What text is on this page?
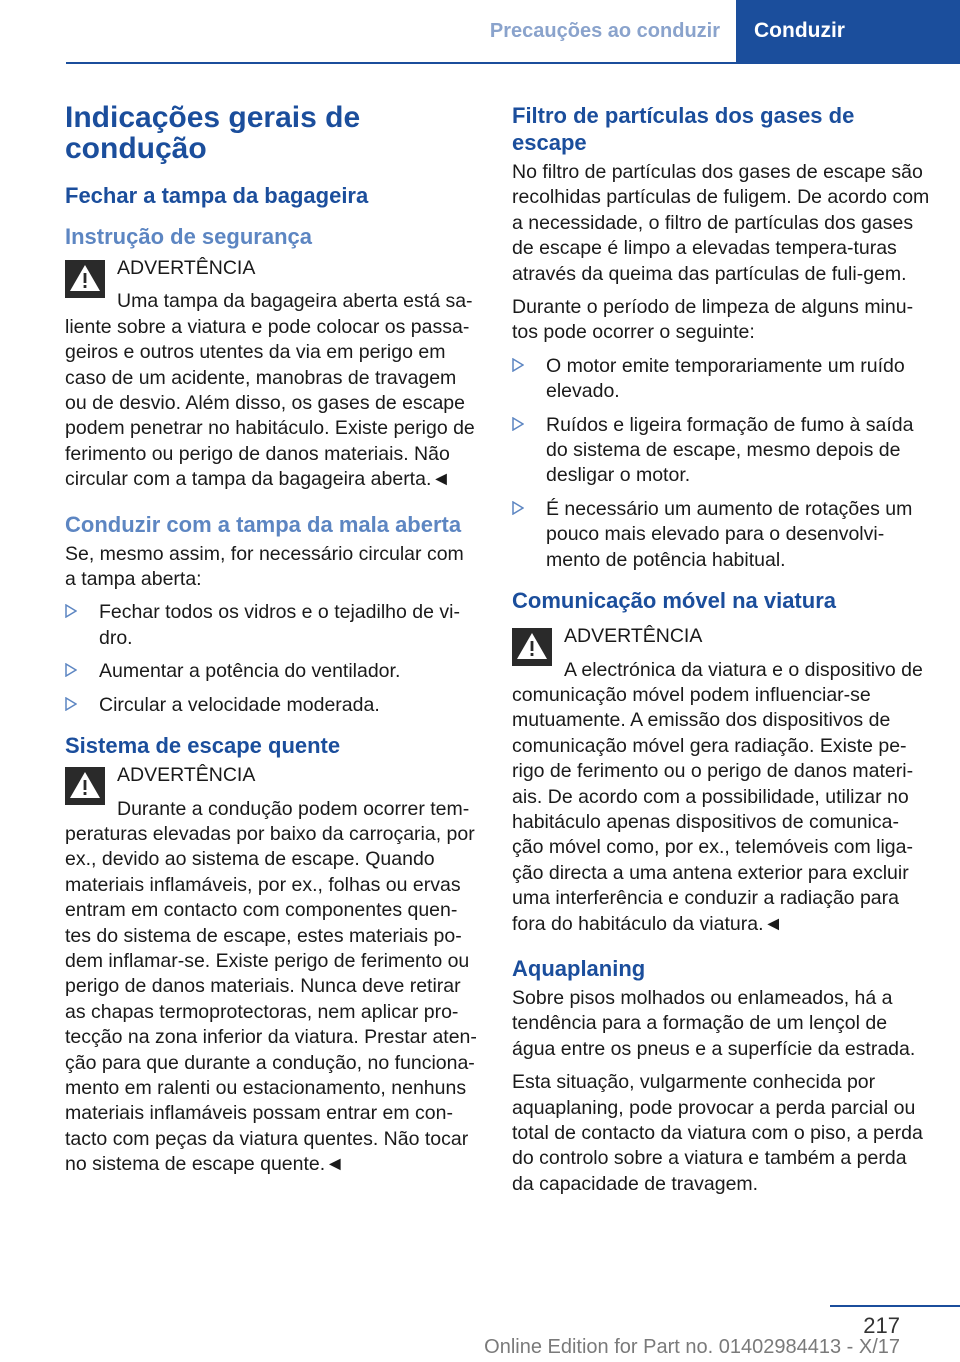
Precauções ao conduzir	Conduzir
Indicações gerais de condução
Fechar a tampa da bagageira
Instrução de segurança
ADVERTÊNCIA
Uma tampa da bagageira aberta está sa-liente sobre a viatura e pode colocar os passa-geiros e outros utentes da via em perigo em caso de um acidente, manobras de travagem ou de desvio. Além disso, os gases de escape podem penetrar no habitáculo. Existe perigo de ferimento ou perigo de danos materiais. Não circular com a tampa da bagageira aberta.◄
Conduzir com a tampa da mala aberta
Se, mesmo assim, for necessário circular com a tampa aberta:
Fechar todos os vidros e o tejadilho de vi-dro.
Aumentar a potência do ventilador.
Circular a velocidade moderada.
Sistema de escape quente
ADVERTÊNCIA
Durante a condução podem ocorrer tem-peraturas elevadas por baixo da carroçaria, por ex., devido ao sistema de escape. Quando materiais inflamáveis, por ex., folhas ou ervas entram em contacto com componentes quen-tes do sistema de escape, estes materiais po-dem inflamar-se. Existe perigo de ferimento ou perigo de danos materiais. Nunca deve retirar as chapas termoprotectoras, nem aplicar pro-tecção na zona inferior da viatura. Prestar aten-ção para que durante a condução, no funciona-mento em ralenti ou estacionamento, nenhuns materiais inflamáveis possam entrar em con-tacto com peças da viatura quentes. Não tocar no sistema de escape quente.◄
Filtro de partículas dos gases de escape
No filtro de partículas dos gases de escape são recolhidas partículas de fuligem. De acordo com a necessidade, o filtro de partículas dos gases de escape é limpo a elevadas tempera-turas através da queima das partículas de fuli-gem.
Durante o período de limpeza de alguns minu-tos pode ocorrer o seguinte:
O motor emite temporariamente um ruído elevado.
Ruídos e ligeira formação de fumo à saída do sistema de escape, mesmo depois de desligar o motor.
É necessário um aumento de rotações um pouco mais elevado para o desenvolvi-mento de potência habitual.
Comunicação móvel na viatura
ADVERTÊNCIA
A electrónica da viatura e o dispositivo de comunicação móvel podem influenciar-se mutuamente. A emissão dos dispositivos de comunicação móvel gera radiação. Existe pe-rigo de ferimento ou o perigo de danos materi-ais. De acordo com a possibilidade, utilizar no habitáculo apenas dispositivos de comunica-ção móvel como, por ex., telemóveis com liga-ção directa a uma antena exterior para excluir uma interferência e conduzir a radiação para fora do habitáculo da viatura.◄
Aquaplaning
Sobre pisos molhados ou enlameados, há a tendência para a formação de um lençol de água entre os pneus e a superfície da estrada.
Esta situação, vulgarmente conhecida por aquaplaning, pode provocar a perda parcial ou total de contacto da viatura com o piso, a perda do controlo sobre a viatura e também a perda da capacidade de travagem.
217
Online Edition for Part no. 01402984413 - X/17
